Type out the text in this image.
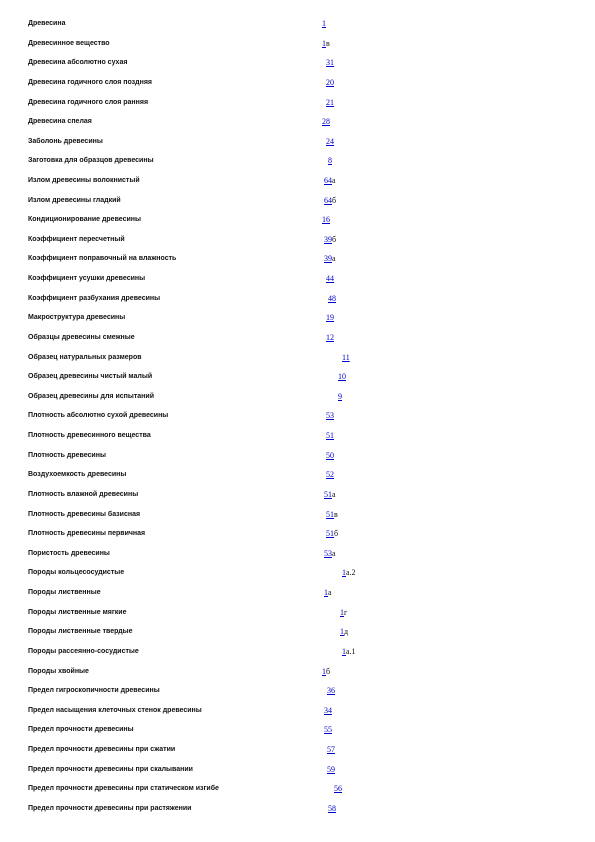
Древесина	1
Древесинное вещество	1в
Древесина абсолютно сухая	31
Древесина годичного слоя поздняя	20
Древесина годичного слоя ранняя	21
Древесина спелая	28
Заболонь древесины	24
Заготовка для образцов древесины	8
Излом древесины волокнистый	64а
Излом древесины гладкий	64б
Кондиционирование древесины	16
Коэффициент пересчетный	39б
Коэффициент поправочный на влажность	39а
Коэффициент усушки древесины	44
Коэффициент разбухания древесины	48
Макроструктура древесины	19
Образцы древесины смежные	12
Образец натуральных размеров	11
Образец древесины чистый малый	10
Образец древесины для испытаний	9
Плотность абсолютно сухой древесины	53
Плотность древесинного вещества	51
Плотность древесины	50
Воздухоемкость древесины	52
Плотность влажной древесины	51а
Плотность древесины базисная	51в
Плотность древесины первичная	51б
Пористость древесины	53а
Породы кольцесосудистые	1а.2
Породы лиственные	1а
Породы лиственные мягкие	1г
Породы лиственные твердые	1д
Породы рассеянно-сосудистые	1а.1
Породы хвойные	1б
Предел гигроскопичности древесины	36
Предел насыщения клеточных стенок древесины	34
Предел прочности древесины	55
Предел прочности древесины при сжатии	57
Предел прочности древесины при скалывании	59
Предел прочности древесины при статическом изгибе	56
Предел прочности древесины при растяжении	58
